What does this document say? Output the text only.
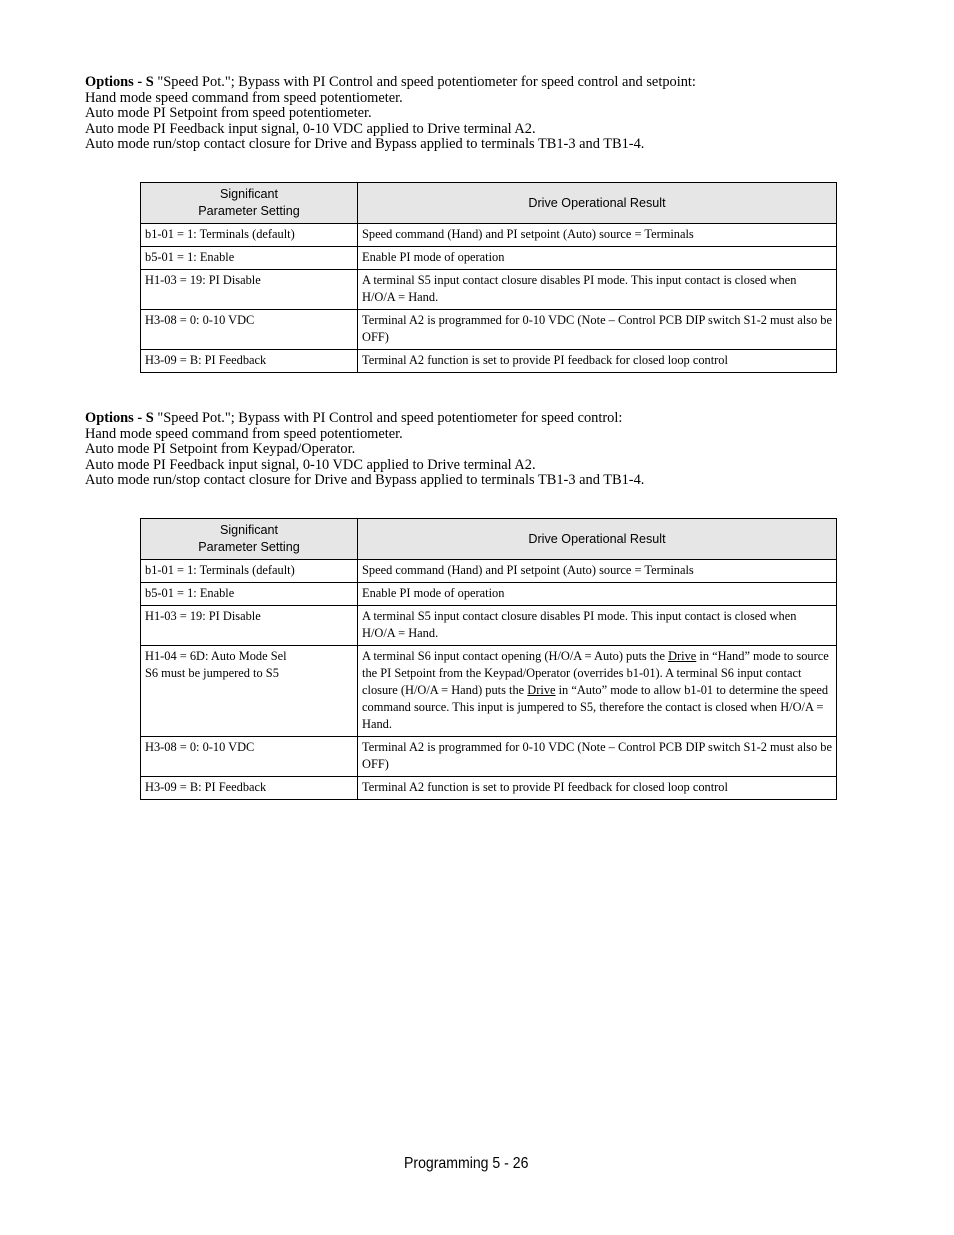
Options - S "Speed Pot."; Bypass with PI Control and speed potentiometer for speed control and setpoint:
Hand mode speed command from speed potentiometer.
Auto mode PI Setpoint from speed potentiometer.
Auto mode PI Feedback input signal, 0-10 VDC applied to Drive terminal A2.
Auto mode run/stop contact closure for Drive and Bypass applied to terminals TB1-3 and TB1-4.
Significant
Parameter Setting	Drive Operational Result
b1-01 = 1: Terminals (default)	Speed command (Hand) and PI setpoint (Auto) source = Terminals
b5-01 = 1: Enable	Enable PI mode of operation
H1-03 = 19: PI Disable	A terminal S5 input contact closure disables PI mode. This input contact is closed when H/O/A = Hand.
H3-08 = 0: 0-10 VDC	Terminal A2 is programmed for 0-10 VDC (Note – Control PCB DIP switch S1-2 must also be OFF)
H3-09 = B: PI Feedback	Terminal A2 function is set to provide PI feedback for closed loop control
Options - S "Speed Pot."; Bypass with PI Control and speed potentiometer for speed control:
Hand mode speed command from speed potentiometer.
Auto mode PI Setpoint from Keypad/Operator.
Auto mode PI Feedback input signal, 0-10 VDC applied to Drive terminal A2.
Auto mode run/stop contact closure for Drive and Bypass applied to terminals TB1-3 and TB1-4.
Significant
Parameter Setting	Drive Operational Result
b1-01 = 1: Terminals (default)	Speed command (Hand) and PI setpoint (Auto) source = Terminals
b5-01 = 1: Enable	Enable PI mode of operation
H1-03 = 19: PI Disable	A terminal S5 input contact closure disables PI mode. This input contact is closed when H/O/A = Hand.

H1-04 = 6D: Auto Mode Sel
S6 must be jumpered to S5	A terminal S6 input contact opening (H/O/A = Auto) puts the Drive in “Hand” mode to source the PI Setpoint from the Keypad/Operator (overrides b1-01). A terminal S6 input contact closure (H/O/A = Hand) puts the Drive in “Auto” mode to allow b1-01 to determine the speed command source. This input is jumpered to S5, therefore the contact is closed when H/O/A = Hand.
H3-08 = 0: 0-10 VDC	Terminal A2 is programmed for 0-10 VDC (Note – Control PCB DIP switch S1-2 must also be OFF)
H3-09 = B: PI Feedback	Terminal A2 function is set to provide PI feedback for closed loop control
Programming 5 - 26
